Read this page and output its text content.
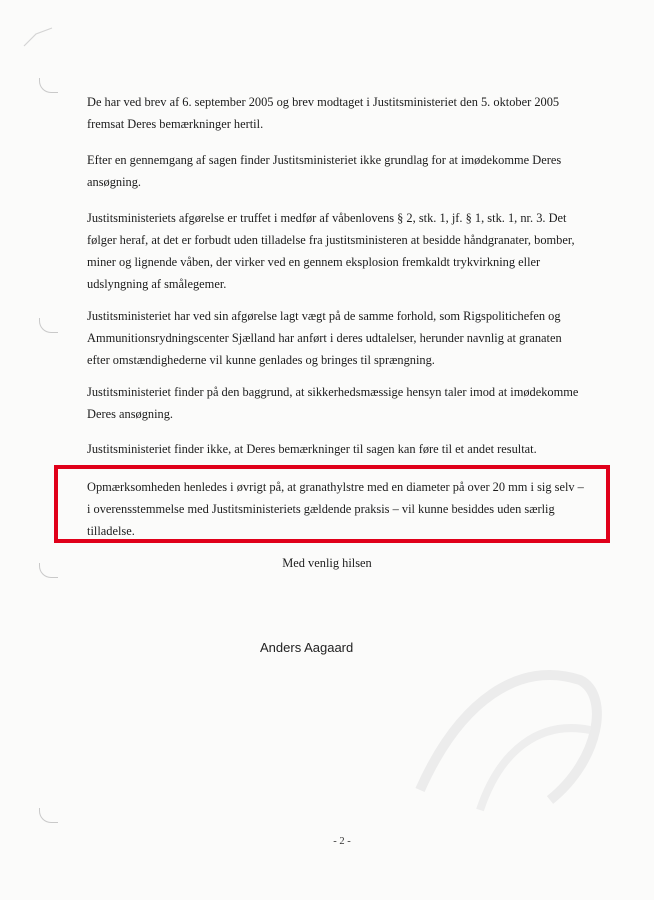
De har ved brev af 6. september 2005 og brev modtaget i Justitsministeriet den 5. oktober 2005 fremsat Deres bemærkninger hertil.

Efter en gennemgang af sagen finder Justitsministeriet ikke grundlag for at imødekomme Deres ansøgning.

Justitsministeriets afgørelse er truffet i medfør af våbenlovens § 2, stk. 1, jf. § 1, stk. 1, nr. 3. Det følger heraf, at det er forbudt uden tilladelse fra justitsministeren at besidde håndgranater, bomber, miner og lignende våben, der virker ved en gennem eksplosion fremkaldt trykvirkning eller udslyngning af smålegemer.

Justitsministeriet har ved sin afgørelse lagt vægt på de samme forhold, som Rigspolitichefen og Ammunitionsrydningscenter Sjælland har anført i deres udtalelser, herunder navnlig at granaten efter omstændighederne vil kunne genlades og bringes til sprængning.

Justitsministeriet finder på den baggrund, at sikkerhedsmæssige hensyn taler imod at imødekomme Deres ansøgning.

Justitsministeriet finder ikke, at Deres bemærkninger til sagen kan føre til et andet resultat.

Opmærksomheden henledes i øvrigt på, at granathylstre med en diameter på over 20 mm i sig selv – i overensstemmelse med Justitsministeriets gældende praksis – vil kunne besiddes uden særlig tilladelse.

Med venlig hilsen
Anders Aagaard
- 2 -
